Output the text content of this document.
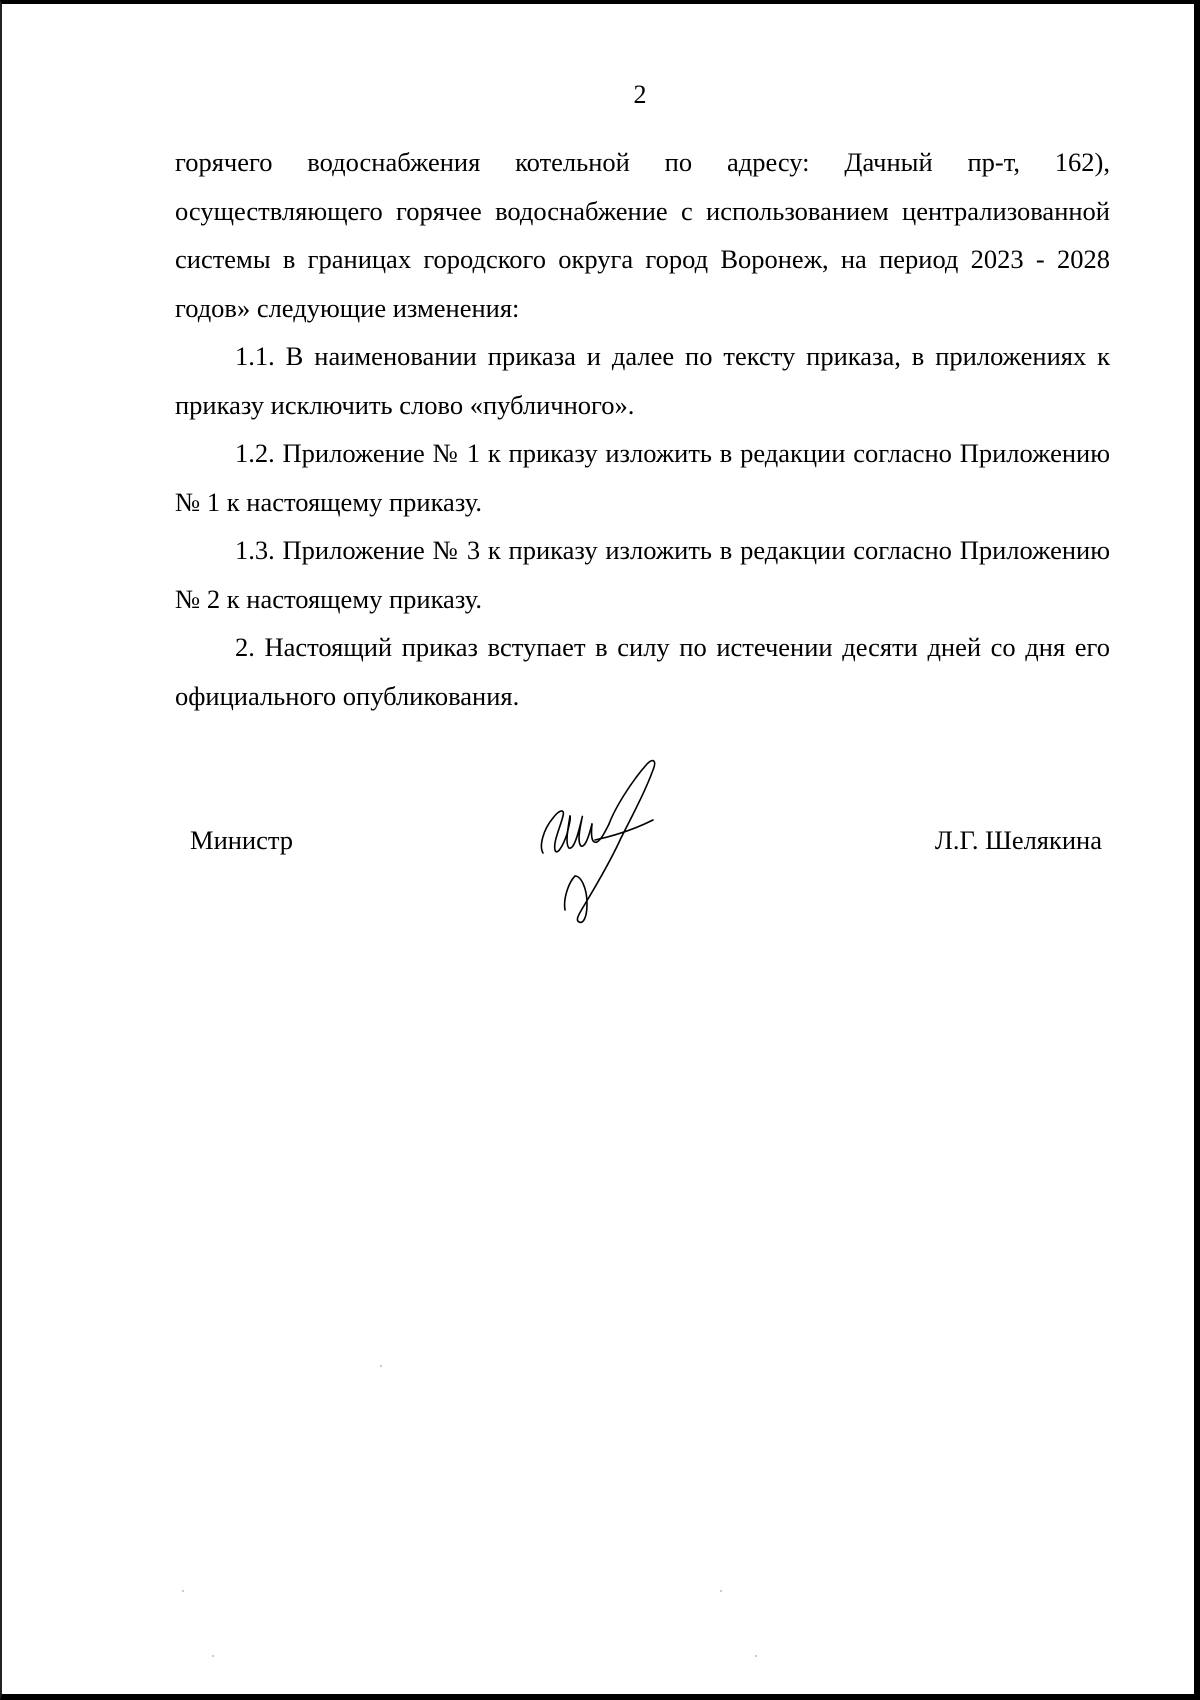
2

горячего водоснабжения котельной по адресу: Дачный пр-т, 162), осуществляющего горячее водоснабжение с использованием централизованной системы в границах городского округа город Воронеж, на период 2023 - 2028 годов» следующие изменения:

1.1. В наименовании приказа и далее по тексту приказа, в приложениях к приказу исключить слово «публичного».

1.2. Приложение № 1 к приказу изложить в редакции согласно Приложению № 1 к настоящему приказу.

1.3. Приложение № 3 к приказу изложить в редакции согласно Приложению № 2 к настоящему приказу.

2. Настоящий приказ вступает в силу по истечении десяти дней со дня его официального опубликования.

Министр	Л.Г. Шелякина
